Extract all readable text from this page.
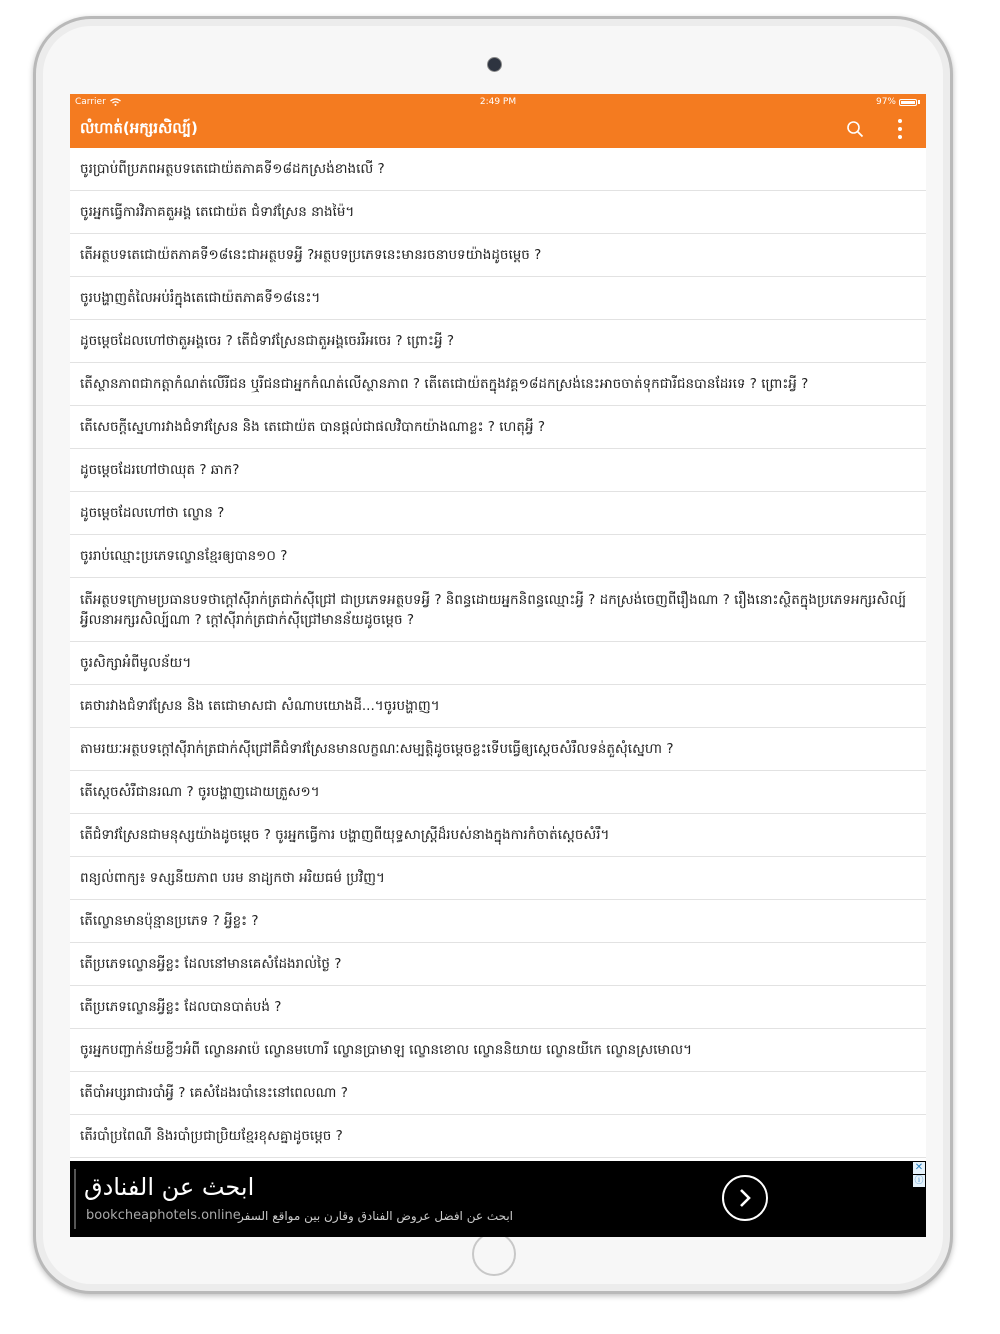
Carrier	2:49 PM	97%
លំហាត់(អក្សរសិល្ប៍)
ចូរប្រាប់ពីប្រភពអត្ថបទតេជោយ៉តភាគទី១៨ដកស្រង់ខាងលើ ?
ចូរអ្នកធ្វើការវិភាគតួអង្គ តេជោយ៉ត ជំទាវស្រែន នាងម៉ៃ។
តើអត្ថបទតេជោយ៉តភាគទី១៨នេះជាអត្ថបទអ្វី ?អត្ថបទប្រភេទនេះមានរចនាបទយ៉ាងដូចម្ដេច ?
ចូរបង្ហាញតំលៃអប់រំក្នុងតេជោយ៉តភាគទី១៨នេះ។
ដូចម្ដេចដែលហៅថាតួអង្គចេរ ? តើជំទាវស្រែនជាតួអង្គចេររឺអចេរ ? ព្រោះអ្វី ?
តើស្ថានភាពជាកត្តាកំណត់លើរីជន ឬរីជនជាអ្នកកំណត់លើស្ថានភាព ? តើតេជោយ៉តក្នុងវគ្គ១៨ដកស្រង់នេះអាចចាត់ទុកជារីជនបានដែរទេ ? ព្រោះអ្វី ?
តើសេចក្ដីស្នេហារវាងជំទាវស្រែន និង តេជោយ៉ត បានផ្ដល់ជាផលវិបាកយ៉ាងណាខ្លះ ? ហេតុអ្វី ?
ដូចម្ដេចដែរហៅថាឈុត ? ឆាក?
ដូចម្ដេចដែលហៅថា ល្ខោន ?
ចូររាប់ឈ្មោះប្រភេទល្ខោនខ្មែរឲ្យបាន១០ ?
តើអត្ថបទក្រោមប្រធានបទថាក្ដៅស៊ីរាក់ត្រជាក់ស៊ីជ្រៅ ជាប្រភេទអត្ថបទអ្វី ? និពន្ធដោយអ្នកនិពន្ធឈ្មោះអ្វី ? ដកស្រង់ចេញពីរឿងណា ? រឿងនោះស្ថិតក្នុងប្រភេទអក្សរសិល្ប៍អ្វីលនាអក្សរសិល្ប៍ណា ? ក្ដៅស៊ីរាក់ត្រជាក់ស៊ីជ្រៅមានន័យដូចម្ដេច ?
ចូរសិក្សាអំពីមូលន័យ។
គេថារវាងជំទាវស្រែន និង តេជោមាសជា សំណាបយោងដី...។ចូរបង្ហាញ។
តាមរយៈអត្ថបទក្ដៅស៊ីរាក់ត្រជាក់ស៊ីជ្រៅគឺជំទាវស្រែនមានលក្ខណៈសម្បត្តិដូចម្ដេចខ្លះទើបធ្វើឲ្យស្ដេចសំរឹលទន់តួសុំស្នេហា ?
តើស្ដេចសំរឹជានរណា ? ចូរបង្ហាញដោយត្រួស១។
តើជំទាវស្រែនជាមនុស្សយ៉ាងដូចម្ដេច ? ចូរអ្នកធ្វើការ បង្ហាញពីយុទ្ធសាស្ត្រីដ៏របស់នាងក្នុងការកំចាត់ស្ដេចសំរឹ។
ពន្យល់ពាក្យ៖ ទស្សនីយភាព បរម នាដ្យកថា អរិយធម៌ ប្រវិញ។
តើល្ខោនមានប៉ុន្មានប្រភេទ ? អ្វីខ្លះ ?
តើប្រភេទល្ខោនអ្វីខ្លះ ដែលនៅមានគេសំដែងរាល់ថ្ងៃ ?
តើប្រភេទល្ខោនអ្វីខ្លះ ដែលបានបាត់បង់ ?
ចូរអ្នកបញ្ជាក់ន័យខ្លីៗអំពី ល្ខោនអាប៉េ ល្ខោនមហោរី ល្ខោនប្រាមាឡ ល្ខោនខោល ល្ខោននិយាយ ល្ខោនយីកេ ល្ខោនស្រមោល។
តើបាំអប្សរាជារបាំអ្វី ? គេសំដែងរបាំនេះនៅពេលណា ?
តើរបាំប្រពៃណី និងរបាំប្រជាប្រិយខ្មែរខុសគ្នាដូចម្ដេច ?
ابحث عن الفنادق
bookcheaphotels.online
ابحث عن افضل عروض الفنادق وقارن بين مواقع السفر
✕
ⓘ
